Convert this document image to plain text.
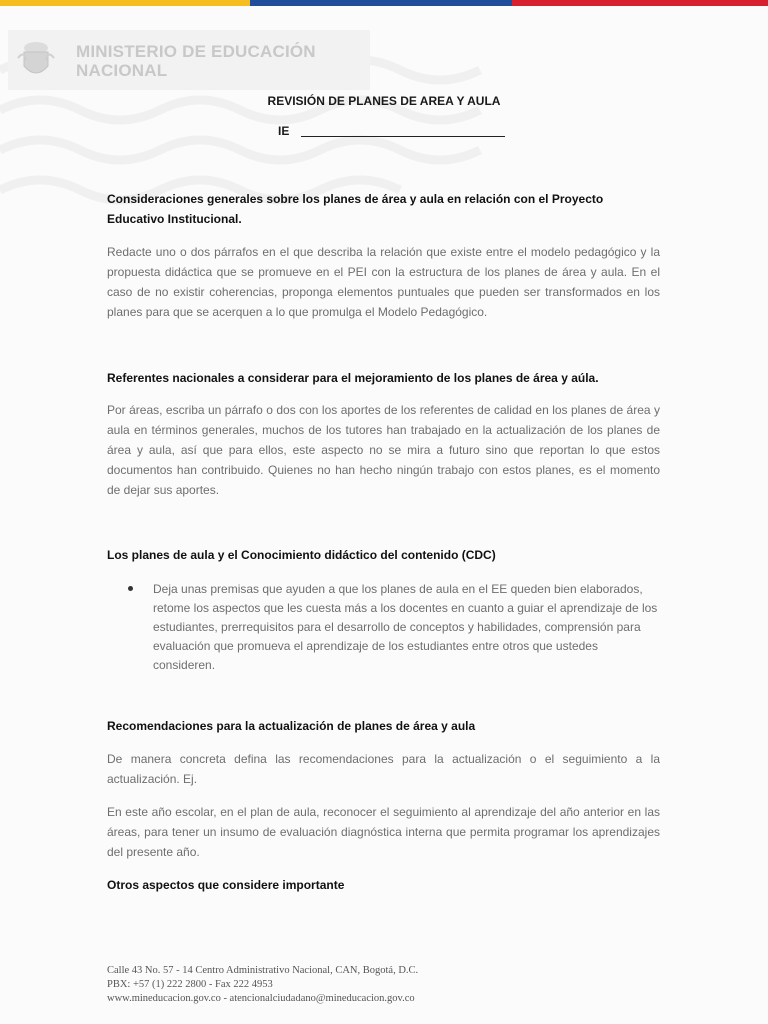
MINISTERIO DE EDUCACIÓN
NACIONAL
REVISIÓN DE PLANES DE AREA Y AULA
IE
Consideraciones generales sobre los planes de área y aula en relación con el Proyecto Educativo Institucional.
Redacte uno o dos párrafos en el que describa la relación que existe entre el modelo pedagógico y la propuesta didáctica que se promueve en el PEI con la estructura de los planes de área y aula. En el caso de no existir coherencias, proponga elementos puntuales que pueden ser transformados en los planes para que se acerquen a lo que promulga el Modelo Pedagógico.
Referentes nacionales a considerar para el mejoramiento de los planes de área y aúla.
Por áreas, escriba un párrafo o dos con los aportes de los referentes de calidad en los planes de área y aula en términos generales, muchos de los tutores han trabajado en la actualización de los planes de área y aula, así que para ellos, este aspecto no se mira a futuro sino que reportan lo que estos documentos han contribuido. Quienes no han hecho ningún trabajo con estos planes, es el momento de dejar sus aportes.
Los planes de aula y el Conocimiento didáctico del contenido (CDC)
Deja unas premisas que ayuden a que los planes de aula en el EE queden bien elaborados, retome los aspectos que les cuesta más a los docentes en cuanto a guiar el aprendizaje de los estudiantes, prerrequisitos para el desarrollo de conceptos y habilidades, comprensión para evaluación que promueva el aprendizaje de los estudiantes entre otros que ustedes consideren.
Recomendaciones para la actualización de planes de área y aula
De manera concreta defina las recomendaciones para la actualización o el seguimiento a la actualización. Ej.
En este año escolar, en el plan de aula, reconocer el seguimiento al aprendizaje del año anterior en las áreas, para tener un insumo de evaluación diagnóstica interna que permita programar los aprendizajes del presente año.
Otros aspectos que considere importante
Calle 43 No. 57 - 14 Centro Administrativo Nacional, CAN, Bogotá, D.C.
PBX: +57 (1) 222 2800 - Fax 222 4953
www.mineducacion.gov.co - atencionalciudadano@mineducacion.gov.co
